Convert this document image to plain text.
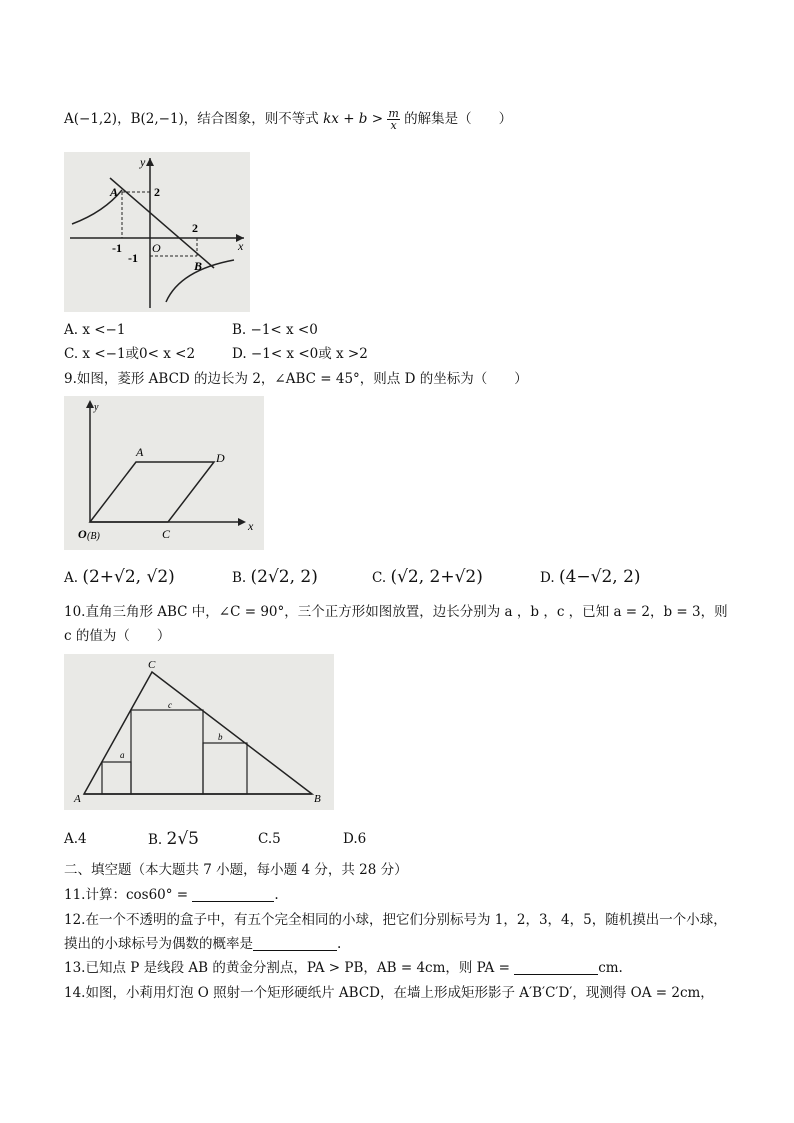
A(−1,2)，B(2,−1)，结合图象，则不等式 kx + $b > \frac{m}{x}$ 的解集是（　　）
y
x
A
B
O
2
2
-1
-1
A. x <−1	B. −1< x <0
C. x <−1或0< x <2	D. −1< x <0或 x >2
9.如图，菱形 ABCD 的边长为 2，∠ABC = 45°，则点 D 的坐标为（　　）
A	D
C
O (B)
x
y
A. (2+√2, √2)	B. (2√2, 2)	C. (√2, 2+√2)	D. (4−√2, 2)
10.直角三角形 ABC 中，∠C = 90°，三个正方形如图放置，边长分别为 a ，b ，c ，已知 a = 2，b = 3，则
c 的值为（　　）
C
A	B
a
b
c
A.4	B. 2√5	C.5	D.6
二、填空题（本大题共 7 小题，每小题 4 分，共 28 分）
11.计算：cos60° =	.
12.在一个不透明的盒子中，有五个完全相同的小球，把它们分别标号为 1，2，3，4，5，随机摸出一个小球，
摸出的小球标号为偶数的概率是	.
13.已知点 P 是线段 AB 的黄金分割点，PA > PB，AB = 4cm，则 PA =	cm.
14.如图，小莉用灯泡 O 照射一个矩形硬纸片 ABCD，在墙上形成矩形影子 A′B′C′D′，现测得 OA = 2cm，
